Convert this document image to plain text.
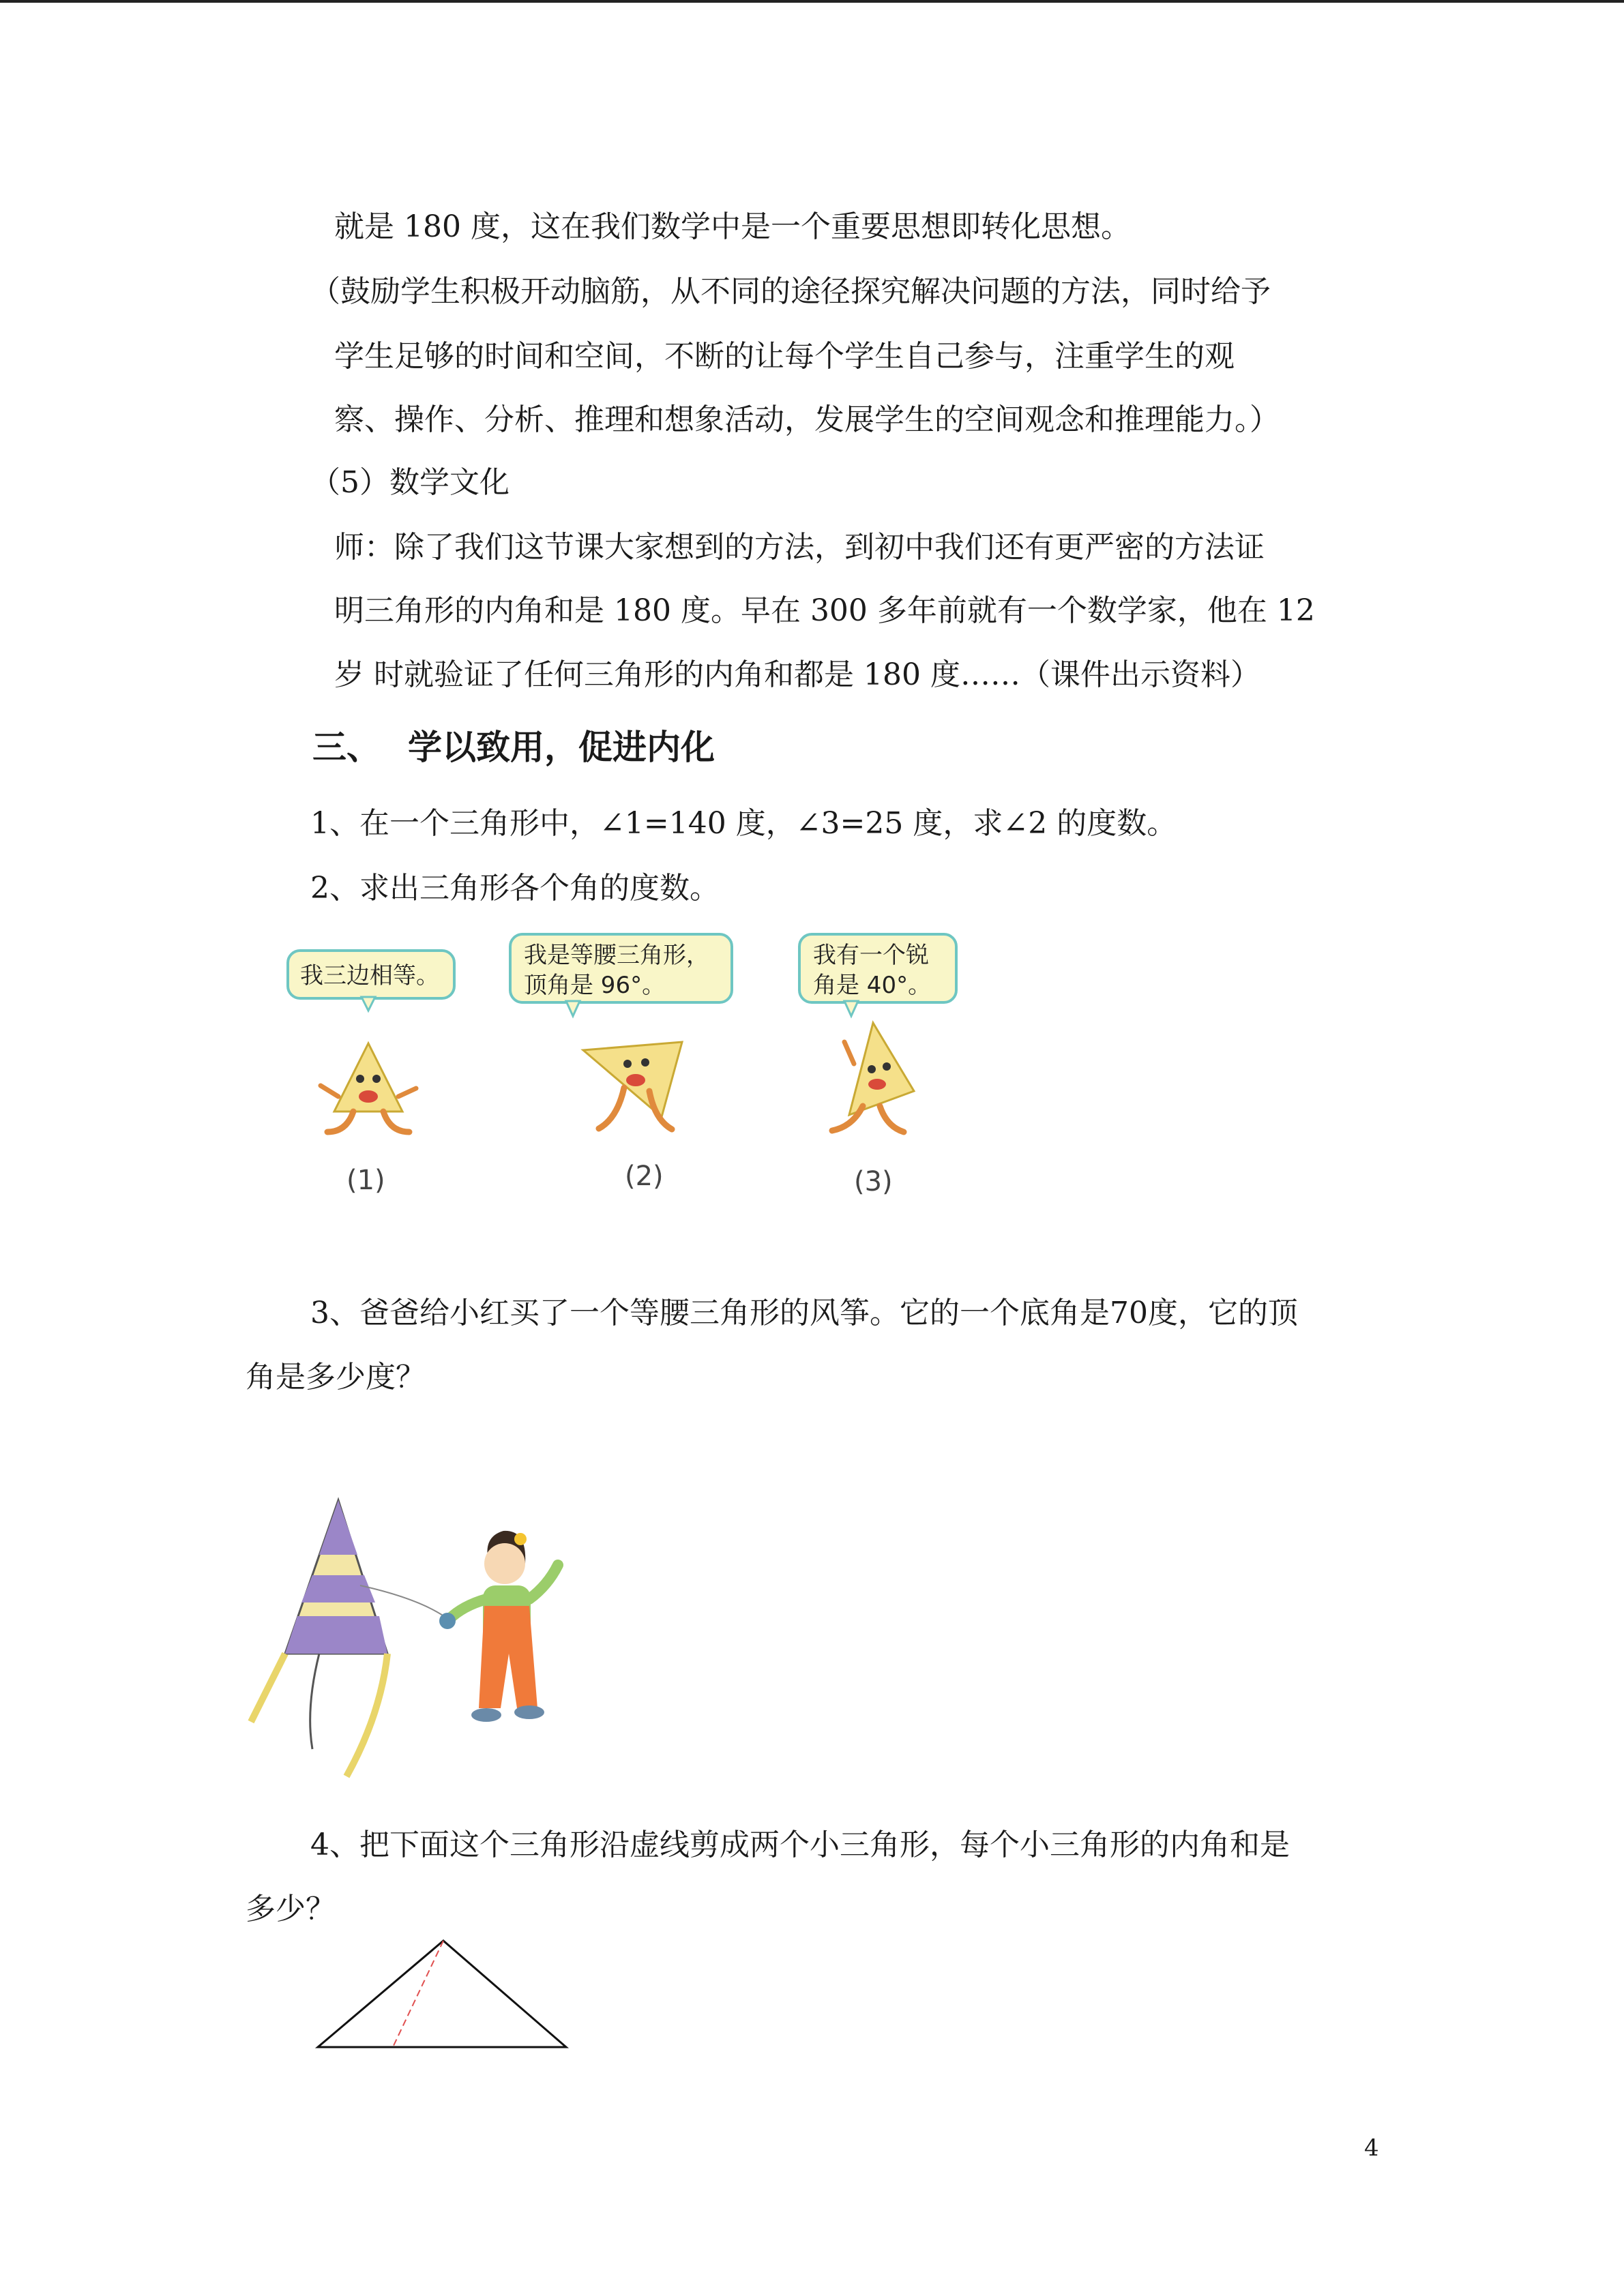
就是 180 度，这在我们数学中是一个重要思想即转化思想。
（鼓励学生积极开动脑筋，从不同的途径探究解决问题的方法，同时给予
学生足够的时间和空间，不断的让每个学生自己参与，注重学生的观
察、操作、分析、推理和想象活动，发展学生的空间观念和推理能力。）
（5）数学文化
师：除了我们这节课大家想到的方法，到初中我们还有更严密的方法证
明三角形的内角和是 180 度。早在 300 多年前就有一个数学家，他在 12
岁 时就验证了任何三角形的内角和都是 180 度……（课件出示资料）
三、 学以致用，促进内化
1、在一个三角形中，∠1=140 度，∠3=25 度，求∠2 的度数。
2、求出三角形各个角的度数。
我三边相等。
(1)
我是等腰三角形，
顶角是 96°。
(2)
我有一个锐
角是 40°。
(3)
3、爸爸给小红买了一个等腰三角形的风筝。它的一个底角是70度，它的顶
角是多少度？
4、把下面这个三角形沿虚线剪成两个小三角形，每个小三角形的内角和是
多少？
4
